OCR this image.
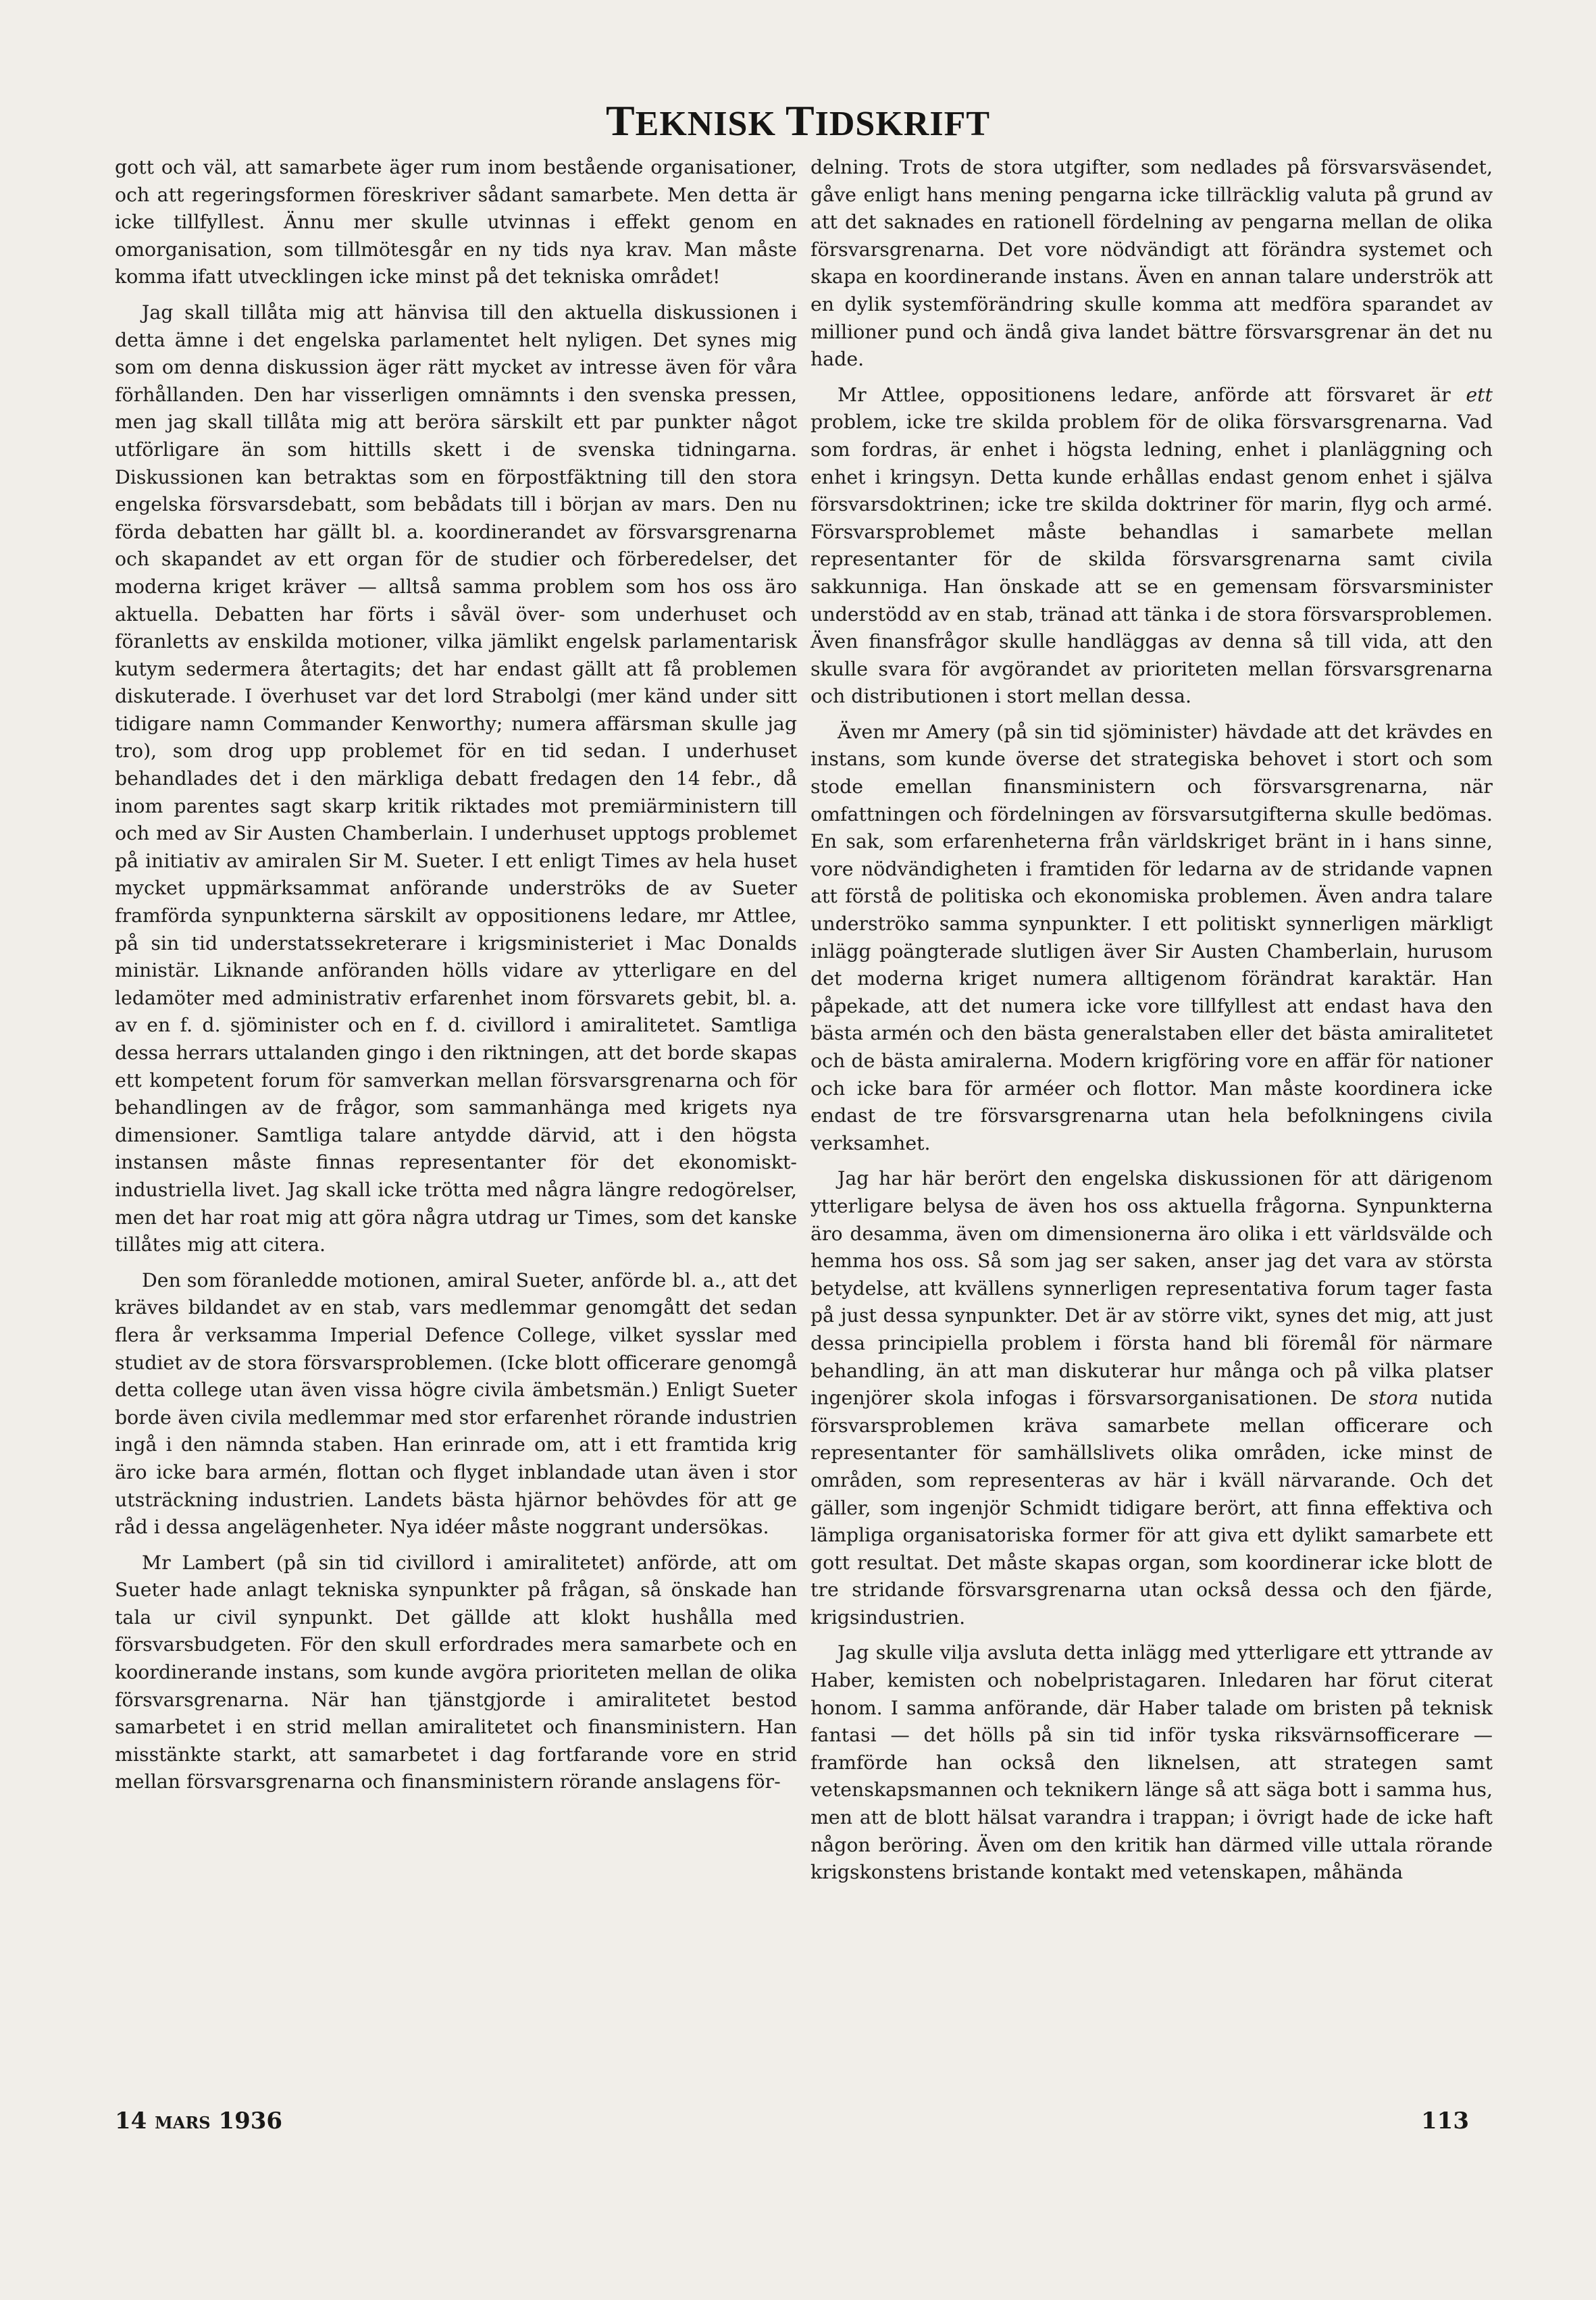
TEKNISK TIDSKRIFT

gott och väl, att samarbete äger rum inom bestående organisationer, och att regeringsformen föreskriver sådant samarbete. Men detta är icke tillfyllest. Ännu mer skulle utvinnas i effekt genom en omorganisation, som tillmötesgår en ny tids nya krav. Man måste komma ifatt utvecklingen icke minst på det tekniska området!

Jag skall tillåta mig att hänvisa till den aktuella diskussionen i detta ämne i det engelska parlamentet helt nyligen. Det synes mig som om denna diskussion äger rätt mycket av intresse även för våra förhållanden. Den har visserligen omnämnts i den svenska pressen, men jag skall tillåta mig att beröra särskilt ett par punkter något utförligare än som hittills skett i de svenska tidningarna. Diskussionen kan betraktas som en förpostfäktning till den stora engelska försvarsdebatt, som bebådats till i början av mars. Den nu förda debatten har gällt bl. a. koordinerandet av försvarsgrenarna och skapandet av ett organ för de studier och förberedelser, det moderna kriget kräver — alltså samma problem som hos oss äro aktuella. Debatten har förts i såväl över- som underhuset och föranletts av enskilda motioner, vilka jämlikt engelsk parlamentarisk kutym sedermera återtagits; det har endast gällt att få problemen diskuterade. I överhuset var det lord Strabolgi (mer känd under sitt tidigare namn Commander Kenworthy; numera affärsman skulle jag tro), som drog upp problemet för en tid sedan. I underhuset behandlades det i den märkliga debatt fredagen den 14 febr., då inom parentes sagt skarp kritik riktades mot premiärministern till och med av Sir Austen Chamberlain. I underhuset upptogs problemet på initiativ av amiralen Sir M. Sueter. I ett enligt Times av hela huset mycket uppmärksammat anförande underströks de av Sueter framförda synpunkterna särskilt av oppositionens ledare, mr Attlee, på sin tid understatssekreterare i krigsministeriet i Mac Donalds ministär. Liknande anföranden hölls vidare av ytterligare en del ledamöter med administrativ erfarenhet inom försvarets gebit, bl. a. av en f. d. sjöminister och en f. d. civillord i amiralitetet. Samtliga dessa herrars uttalanden gingo i den riktningen, att det borde skapas ett kompetent forum för samverkan mellan försvarsgrenarna och för behandlingen av de frågor, som sammanhänga med krigets nya dimensioner. Samtliga talare antydde därvid, att i den högsta instansen måste finnas representanter för det ekonomiskt-industriella livet. Jag skall icke trötta med några längre redogörelser, men det har roat mig att göra några utdrag ur Times, som det kanske tillåtes mig att citera.

Den som föranledde motionen, amiral Sueter, anförde bl. a., att det kräves bildandet av en stab, vars medlemmar genomgått det sedan flera år verksamma Imperial Defence College, vilket sysslar med studiet av de stora försvarsproblemen. (Icke blott officerare genomgå detta college utan även vissa högre civila ämbetsmän.) Enligt Sueter borde även civila medlemmar med stor erfarenhet rörande industrien ingå i den nämnda staben. Han erinrade om, att i ett framtida krig äro icke bara armén, flottan och flyget inblandade utan även i stor utsträckning industrien. Landets bästa hjärnor behövdes för att ge råd i dessa angelägenheter. Nya idéer måste noggrant undersökas.

Mr Lambert (på sin tid civillord i amiralitetet) anförde, att om Sueter hade anlagt tekniska synpunkter på frågan, så önskade han tala ur civil synpunkt. Det gällde att klokt hushålla med försvarsbudgeten. För den skull erfordrades mera samarbete och en koordinerande instans, som kunde avgöra prioriteten mellan de olika försvarsgrenarna. När han tjänstgjorde i amiralitetet bestod samarbetet i en strid mellan amiralitetet och finansministern. Han misstänkte starkt, att samarbetet i dag fortfarande vore en strid mellan försvarsgrenarna och finansministern rörande anslagens för-

delning. Trots de stora utgifter, som nedlades på försvarsväsendet, gåve enligt hans mening pengarna icke tillräcklig valuta på grund av att det saknades en rationell fördelning av pengarna mellan de olika försvarsgrenarna. Det vore nödvändigt att förändra systemet och skapa en koordinerande instans. Även en annan talare underströk att en dylik systemförändring skulle komma att medföra sparandet av millioner pund och ändå giva landet bättre försvarsgrenar än det nu hade.

Mr Attlee, oppositionens ledare, anförde att försvaret är ett problem, icke tre skilda problem för de olika försvarsgrenarna. Vad som fordras, är enhet i högsta ledning, enhet i planläggning och enhet i kringsyn. Detta kunde erhållas endast genom enhet i själva försvarsdoktrinen; icke tre skilda doktriner för marin, flyg och armé. Försvarsproblemet måste behandlas i samarbete mellan representanter för de skilda försvarsgrenarna samt civila sakkunniga. Han önskade att se en gemensam försvarsminister understödd av en stab, tränad att tänka i de stora försvarsproblemen. Även finansfrågor skulle handläggas av denna så till vida, att den skulle svara för avgörandet av prioriteten mellan försvarsgrenarna och distributionen i stort mellan dessa.

Även mr Amery (på sin tid sjöminister) hävdade att det krävdes en instans, som kunde överse det strategiska behovet i stort och som stode emellan finansministern och försvarsgrenarna, när omfattningen och fördelningen av försvarsutgifterna skulle bedömas. En sak, som erfarenheterna från världskriget bränt in i hans sinne, vore nödvändigheten i framtiden för ledarna av de stridande vapnen att förstå de politiska och ekonomiska problemen. Även andra talare underströko samma synpunkter. I ett politiskt synnerligen märkligt inlägg poängterade slutligen äver Sir Austen Chamberlain, hurusom det moderna kriget numera alltigenom förändrat karaktär. Han påpekade, att det numera icke vore tillfyllest att endast hava den bästa armén och den bästa generalstaben eller det bästa amiralitetet och de bästa amiralerna. Modern krigföring vore en affär för nationer och icke bara för arméer och flottor. Man måste koordinera icke endast de tre försvarsgrenarna utan hela befolkningens civila verksamhet.

Jag har här berört den engelska diskussionen för att därigenom ytterligare belysa de även hos oss aktuella frågorna. Synpunkterna äro desamma, även om dimensionerna äro olika i ett världsvälde och hemma hos oss. Så som jag ser saken, anser jag det vara av största betydelse, att kvällens synnerligen representativa forum tager fasta på just dessa synpunkter. Det är av större vikt, synes det mig, att just dessa principiella problem i första hand bli föremål för närmare behandling, än att man diskuterar hur många och på vilka platser ingenjörer skola infogas i försvarsorganisationen. De stora nutida försvarsproblemen kräva samarbete mellan officerare och representanter för samhällslivets olika områden, icke minst de områden, som representeras av här i kväll närvarande. Och det gäller, som ingenjör Schmidt tidigare berört, att finna effektiva och lämpliga organisatoriska former för att giva ett dylikt samarbete ett gott resultat. Det måste skapas organ, som koordinerar icke blott de tre stridande försvarsgrenarna utan också dessa och den fjärde, krigsindustrien.

Jag skulle vilja avsluta detta inlägg med ytterligare ett yttrande av Haber, kemisten och nobelpristagaren. Inledaren har förut citerat honom. I samma anförande, där Haber talade om bristen på teknisk fantasi — det hölls på sin tid inför tyska riksvärnsofficerare — framförde han också den liknelsen, att strategen samt vetenskapsmannen och teknikern länge så att säga bott i samma hus, men att de blott hälsat varandra i trappan; i övrigt hade de icke haft någon beröring. Även om den kritik han därmed ville uttala rörande krigskonstens bristande kontakt med vetenskapen, måhända

14 mars 1936	113
